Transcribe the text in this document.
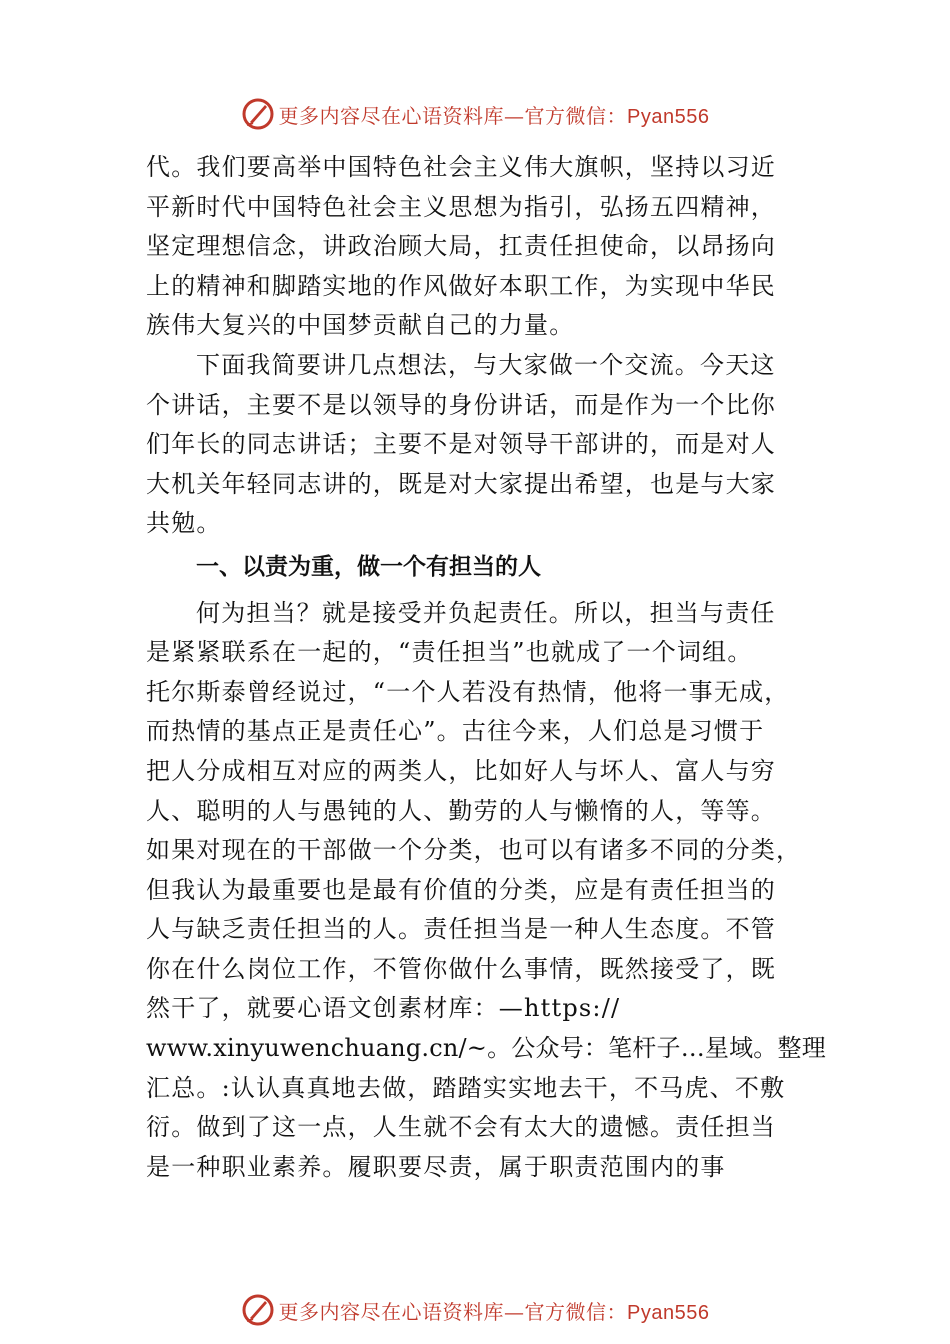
更多内容尽在心语资料库—官方微信：Pyan556
代。我们要高举中国特色社会主义伟大旗帜，坚持以习近
平新时代中国特色社会主义思想为指引，弘扬五四精神，
坚定理想信念，讲政治顾大局，扛责任担使命，以昂扬向
上的精神和脚踏实地的作风做好本职工作，为实现中华民
族伟大复兴的中国梦贡献自己的力量。
下面我简要讲几点想法，与大家做一个交流。今天这
个讲话，主要不是以领导的身份讲话，而是作为一个比你
们年长的同志讲话；主要不是对领导干部讲的，而是对人
大机关年轻同志讲的，既是对大家提出希望，也是与大家
共勉。
一、以责为重，做一个有担当的人
何为担当？就是接受并负起责任。所以，担当与责任
是紧紧联系在一起的，“责任担当”也就成了一个词组。
托尔斯泰曾经说过，“一个人若没有热情，他将一事无成，
而热情的基点正是责任心”。古往今来，人们总是习惯于
把人分成相互对应的两类人，比如好人与坏人、富人与穷
人、聪明的人与愚钝的人、勤劳的人与懒惰的人，等等。
如果对现在的干部做一个分类，也可以有诸多不同的分类，
但我认为最重要也是最有价值的分类，应是有责任担当的
人与缺乏责任担当的人。责任担当是一种人生态度。不管
你在什么岗位工作，不管你做什么事情，既然接受了，既
然干了，就要心语文创素材库：—https://
www.xinyuwenchuang.cn/~。公众号：笔杆子…星域。整理
汇总。:认认真真地去做，踏踏实实地去干，不马虎、不敷
衍。做到了这一点，人生就不会有太大的遗憾。责任担当
是一种职业素养。履职要尽责，属于职责范围内的事
更多内容尽在心语资料库—官方微信：Pyan556
